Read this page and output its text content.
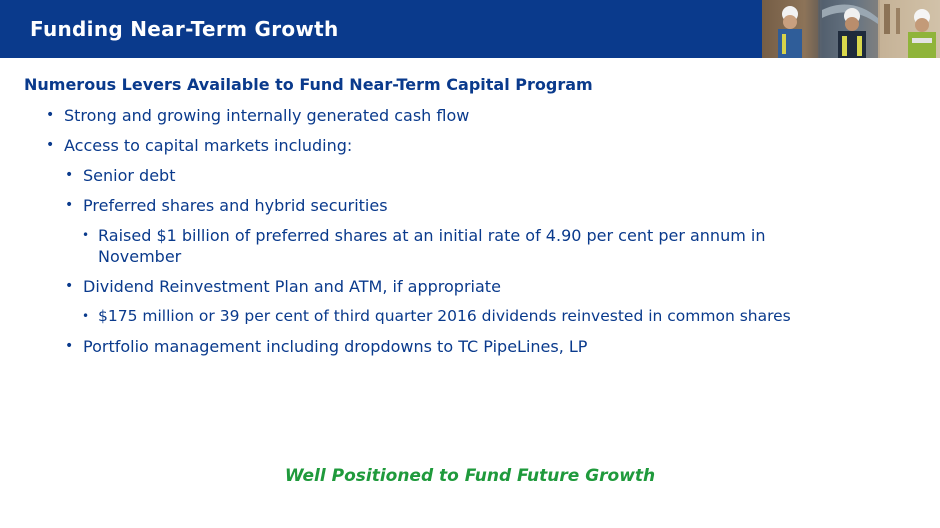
Funding Near-Term Growth
Numerous Levers Available to Fund Near-Term Capital Program
• Strong and growing internally generated cash flow
• Access to capital markets including:
• Senior debt
• Preferred shares and hybrid securities
• Raised $1 billion of preferred shares at an initial rate of 4.90 per cent per annum in
November
• Dividend Reinvestment Plan and ATM, if appropriate
• $175 million or 39 per cent of third quarter 2016 dividends reinvested in common shares
• Portfolio management including dropdowns to TC PipeLines, LP
Well Positioned to Fund Future Growth
